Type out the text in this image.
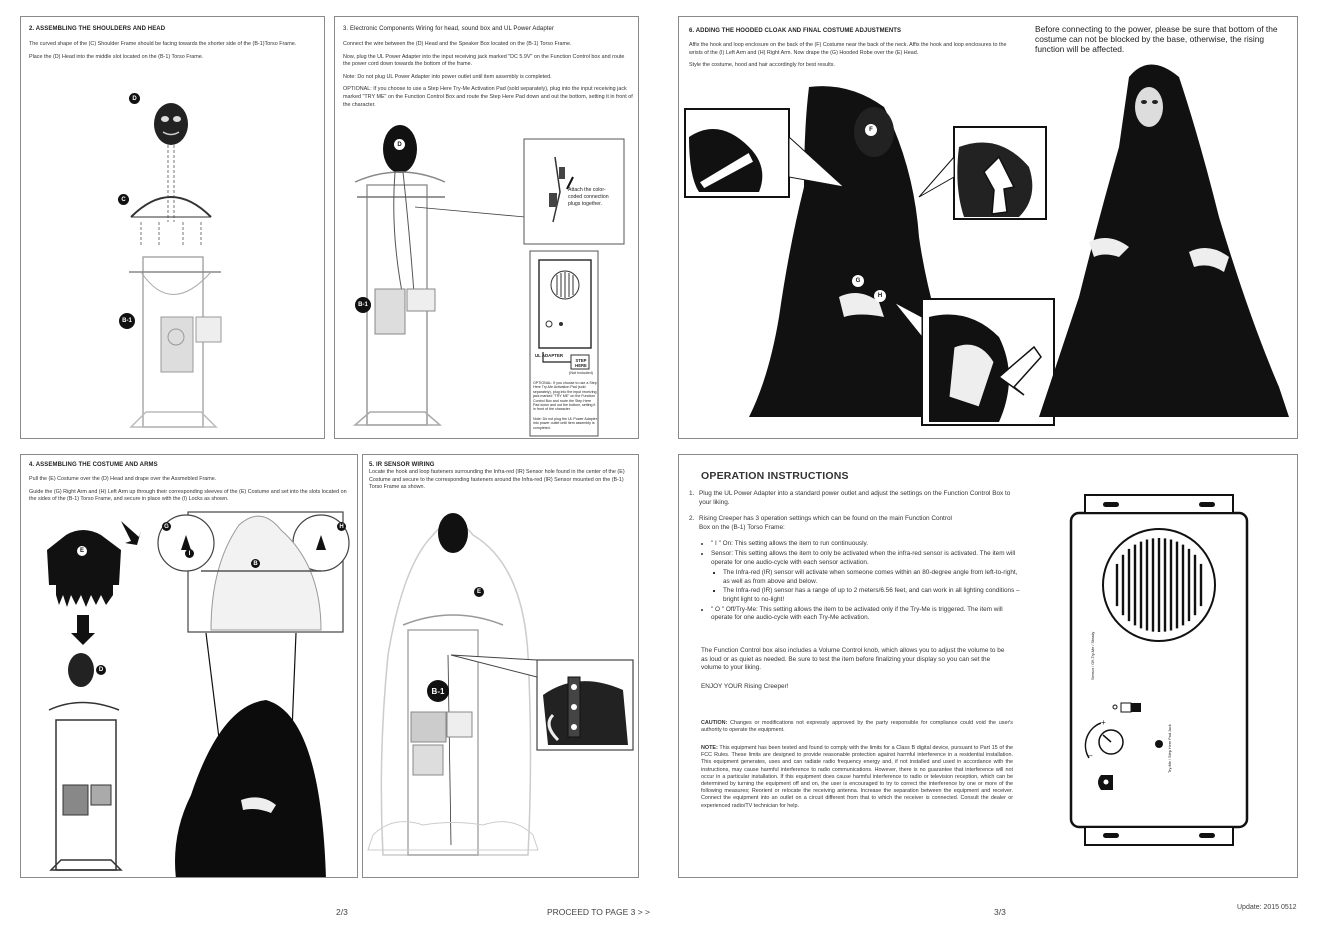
2. ASSEMBLING THE SHOULDERS AND HEAD

The curved shape of the (C) Shoulder Frame should be facing towards the shorter side of the (B-1)Torso Frame.

Place the (D) Head into the middle slot located on the (B-1) Torso Frame.

D
C
B-1
3. Electronic Components Wiring for head, sound box and UL Power Adapter

Connect the wire between the (D) Head and the Speaker Box located on the (B-1) Torso Frame.

Now, plug the UL Power Adapter into the input receiving jack marked "DC 5.9V" on the Function Control box and route the power cord down towards the bottom of the frame.

Note: Do not plug UL Power Adapter into power outlet until item assembly is completed.

OPTIONAL: If you choose to use a Step Here Try-Me Activation Pad (sold separately), plug into the input receiving jack marked "TRY ME" on the Function Control Box and route the Step Here Pad down and out the bottom, setting it in front of the character.

D
B-1
Attach the color-coded connection plugs together.
UL ADAPTER
STEP HERE
(Not Included)
OPTIONAL: If you choose to use a Step Here Try-Me Activation Pad (sold separately), plug into the input receiving jack marked "TRY ME" on the Function Control Box and route the Step Here Pad down and out the bottom, setting it in front of the character.
Note: Do not plug the UL Power Adapter into power outlet until item assembly is completed.
6. ADDING THE HOODED CLOAK AND FINAL COSTUME ADJUSTMENTS

Affix the hook and loop enclosure on the back of the (F) Costume near the back of the neck. Affix the hook and loop enclosures to the wrists of the (I) Left Arm and (H) Right Arm. Now drape the (G) Hooded Robe over the (E) Head.

Style the costume, hood and hair accordingly for best results.

Before connecting to the power, please be sure that bottom of the costume can not be blocked by the base, otherwise, the rising function will be affected.
F
G
H
4. ASSEMBLING THE COSTUME AND ARMS

Pull the (E) Costume over the (D) Head and drape over the Assmebled Frame.

Guide the (G) Right Arm and (H) Left Arm up through their corresponding sleeves of the (E) Costume and set into the slots located on the sides of the (B-1) Torso Frame, and secure in place with the (I) Locks as shown.

E
D
G	H
I
B
5. IR SENSOR WIRING

Locate the hook and loop fasteners surrounding the Infra-red (IR) Sensor hole found in the center of the (E) Costume and secure to the corresponding fasteners around the Infra-red (IR) Sensor mounted on the (B-1) Torso Frame as shown.

E
B-1
OPERATION INSTRUCTIONS
1. Plug the UL Power Adapter into a standard power outlet and adjust the settings on the Function Control Box to your liking.
2. Rising Creeper has 3 operation settings which can be found on the main Function Control
Box on the (B-1) Torso Frame:
• " I " On: This setting allows the item to run continuously.
• Sensor: This setting allows the item to only be activated when the infra-red sensor is activated. The item will operate for one audio-cycle with each sensor activation.
▪ The Infra-red (IR) sensor will activate when someone comes within an 80-degree angle from left-to-right, as well as from above and below.
▪ The Infra-red (IR) sensor has a range of up to 2 meters/6.56 feet, and can work in all lighting conditions – bright light to no-light!
• " O " Off/Try-Me: This setting allows the item to be activated only if the Try-Me is triggered. The item will operate for one audio-cycle with each Try-Me activation.
The Function Control box also includes a Volume Control knob, which allows you to adjust the volume to be as loud or as quiet as needed. Be sure to test the item before finalizing your display so you can set the volume to your liking.
ENJOY YOUR Rising Creeper!
CAUTION: Changes or modifications not expressly approved by the party responsible for compliance could void the user's authority to operate the equipment.
NOTE: This equipment has been tested and found to comply with the limits for a Class B digital device, pursuant to Part 15 of the FCC Rules. These limits are designed to provide reasonable protection against harmful interference in a residential installation. This equipment generates, uses and can radiate radio frequency energy and, if not installed and used in accordance with the instructions, may cause harmful interference to radio communications. However, there is no guarantee that interference will not occur in a particular installation. If this equipment does cause harmful interference to radio or television reception, which can be determined by turning the equipment off and on, the user is encouraged to try to correct the interference by one or more of the following measures; Reorient or relocate the receiving antenna. Increase the separation between the equipment and receiver. Connect the equipment into an outlet on a circuit different from that to which the receiver is connected. Consult the dealer or experienced radio/TV technician for help.
+
–
Sensor / Off-Try-Me / Steady
Try-Me / Step Here Pad Jack
2/3	PROCEED TO PAGE 3 > >	3/3	Update: 2015 0512
